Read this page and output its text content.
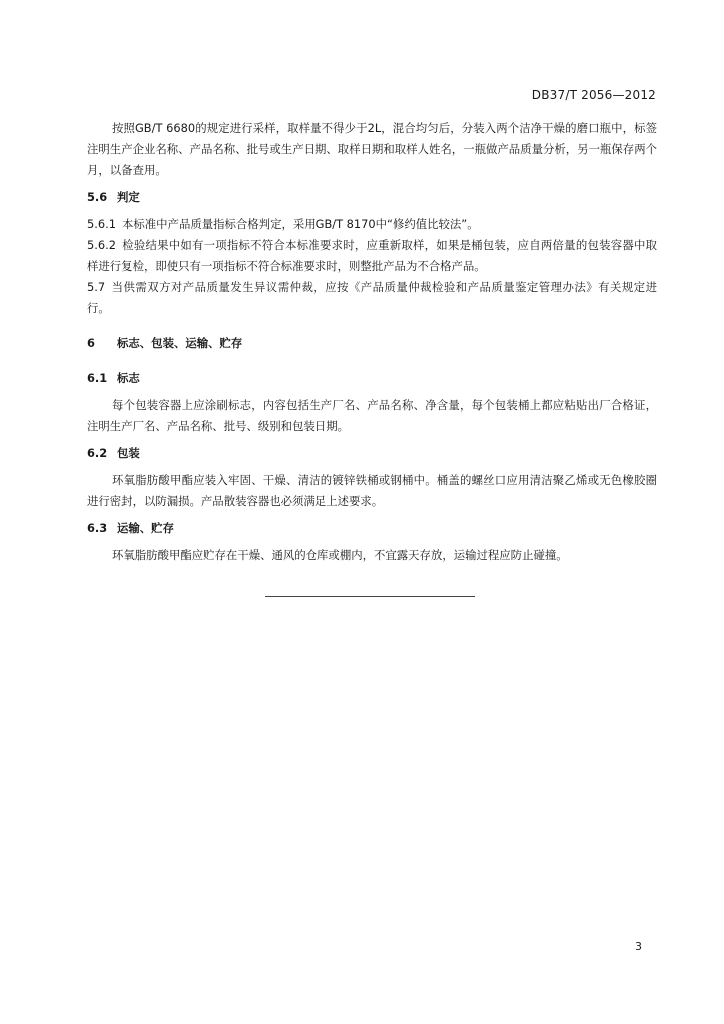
DB37/T 2056—2012

按照GB/T 6680的规定进行采样，取样量不得少于2L，混合均匀后，分装入两个洁净干燥的磨口瓶中，标签注明生产企业名称、产品名称、批号或生产日期、取样日期和取样人姓名，一瓶做产品质量分析，另一瓶保存两个月，以备查用。

5.6 判定

5.6.1 本标准中产品质量指标合格判定，采用GB/T 8170中“修约值比较法”。

5.6.2 检验结果中如有一项指标不符合本标准要求时，应重新取样，如果是桶包装，应自两倍量的包装容器中取样进行复检，即使只有一项指标不符合标准要求时，则整批产品为不合格产品。

5.7 当供需双方对产品质量发生异议需仲裁，应按《产品质量仲裁检验和产品质量鉴定管理办法》有关规定进行。

6 标志、包装、运输、贮存

6.1 标志

每个包装容器上应涂刷标志，内容包括生产厂名、产品名称、净含量，每个包装桶上都应粘贴出厂合格证，注明生产厂名、产品名称、批号、级别和包装日期。

6.2 包装

环氧脂肪酸甲酯应装入牢固、干燥、清洁的镀锌铁桶或钢桶中。桶盖的螺丝口应用清洁聚乙烯或无色橡胶圈进行密封，以防漏损。产品散装容器也必须满足上述要求。

6.3 运输、贮存

环氧脂肪酸甲酯应贮存在干燥、通风的仓库或棚内，不宜露天存放，运输过程应防止碰撞。

3
